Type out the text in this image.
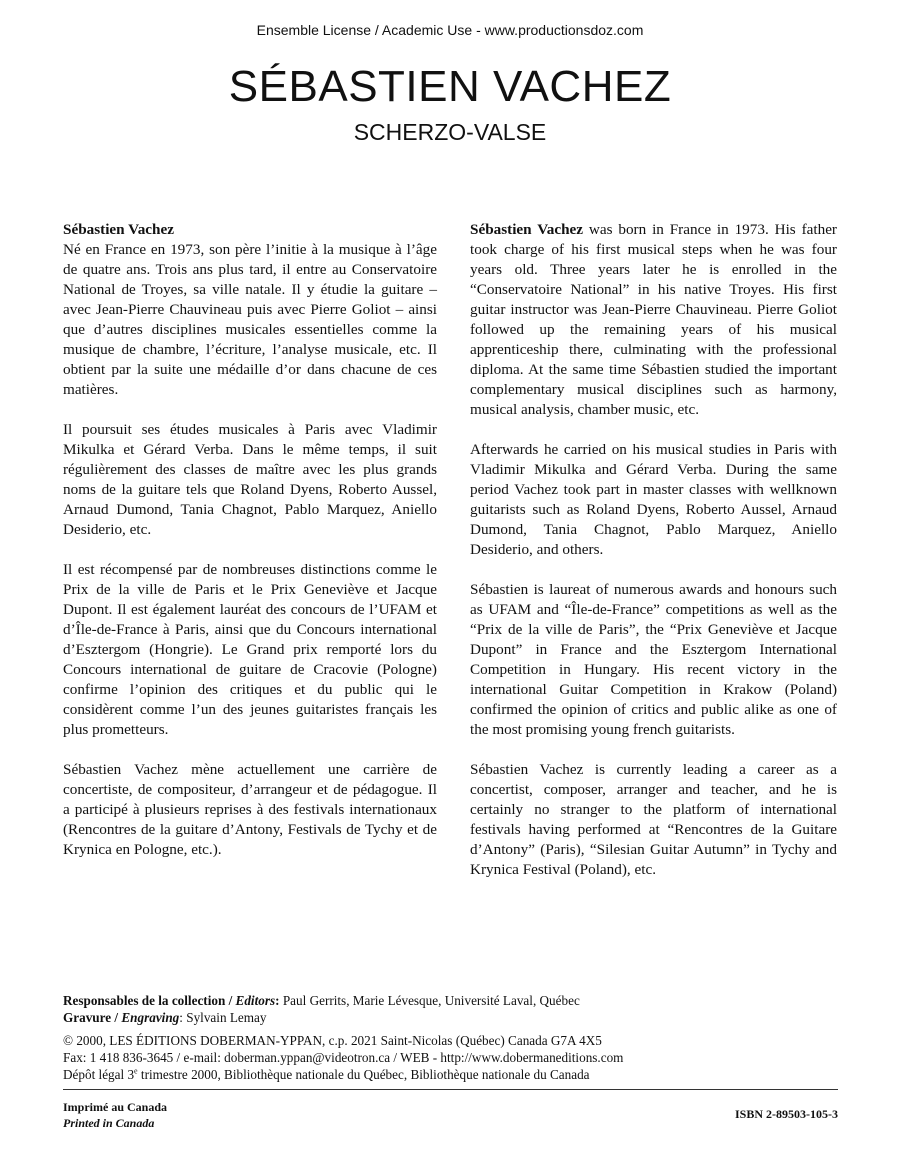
Ensemble License / Academic Use - www.productionsdoz.com
SÉBASTIEN VACHEZ
SCHERZO-VALSE

Sébastien Vachez
Né en France en 1973, son père l’initie à la musique à l’âge de quatre ans. Trois ans plus tard, il entre au Conservatoire National de Troyes, sa ville natale. Il y étudie la guitare – avec Jean-Pierre Chauvineau puis avec Pierre Goliot – ainsi que d’autres disciplines musicales essentielles comme la musique de chambre, l’écriture, l’analyse musicale, etc. Il obtient par la suite une médaille d’or dans chacune de ces matières.

Il poursuit ses études musicales à Paris avec Vladimir Mikulka et Gérard Verba. Dans le même temps, il suit régulièrement des classes de maître avec les plus grands noms de la guitare tels que Roland Dyens, Roberto Aussel, Arnaud Dumond, Tania Chagnot, Pablo Marquez, Aniello Desiderio, etc.

Il est récompensé par de nombreuses distinctions comme le Prix de la ville de Paris et le Prix Geneviève et Jacque Dupont. Il est également lauréat des concours de l’UFAM et d’Île-de-France à Paris, ainsi que du Concours international d’Esztergom (Hongrie). Le Grand prix remporté lors du Concours international de guitare de Cracovie (Pologne) confirme l’opinion des critiques et du public qui le considèrent comme l’un des jeunes guitaristes français les plus prometteurs.

Sébastien Vachez mène actuellement une carrière de concertiste, de compositeur, d’arrangeur et de pédagogue. Il a participé à plusieurs reprises à des festivals internationaux (Rencontres de la guitare d’Antony, Festivals de Tychy et de Krynica en Pologne, etc.).

Sébastien Vachez was born in France in 1973. His father took charge of his first musical steps when he was four years old. Three years later he is enrolled in the “Conservatoire National” in his native Troyes. His first guitar instructor was Jean-Pierre Chauvineau. Pierre Goliot followed up the remaining years of his musical apprenticeship there, culminating with the professional diploma. At the same time Sébastien studied the important complementary musical disciplines such as harmony, musical analysis, chamber music, etc.

Afterwards he carried on his musical studies in Paris with Vladimir Mikulka and Gérard Verba. During the same period Vachez took part in master classes with wellknown guitarists such as Roland Dyens, Roberto Aussel, Arnaud Dumond, Tania Chagnot, Pablo Marquez, Aniello Desiderio, and others.

Sébastien is laureat of numerous awards and honours such as UFAM and “Île-de-France” competitions as well as the “Prix de la ville de Paris”, the “Prix Geneviève et Jacque Dupont” in France and the Esztergom International Competition in Hungary. His recent victory in the international Guitar Competition in Krakow (Poland) confirmed the opinion of critics and public alike as one of the most promising young french guitarists.

Sébastien Vachez is currently leading a career as a concertist, composer, arranger and teacher, and he is certainly no stranger to the platform of international festivals having performed at “Rencontres de la Guitare d’Antony” (Paris), “Silesian Guitar Autumn” in Tychy and Krynica Festival (Poland), etc.

Responsables de la collection / Editors: Paul Gerrits, Marie Lévesque, Université Laval, Québec
Gravure / Engraving: Sylvain Lemay
© 2000, LES ÉDITIONS DOBERMAN-YPPAN, c.p. 2021 Saint-Nicolas (Québec) Canada G7A 4X5
Fax: 1 418 836-3645 / e-mail: doberman.yppan@videotron.ca / WEB - http://www.dobermaneditions.com
Dépôt légal 3e trimestre 2000, Bibliothèque nationale du Québec, Bibliothèque nationale du Canada
Imprimé au Canada
Printed in Canada
ISBN 2-89503-105-3
